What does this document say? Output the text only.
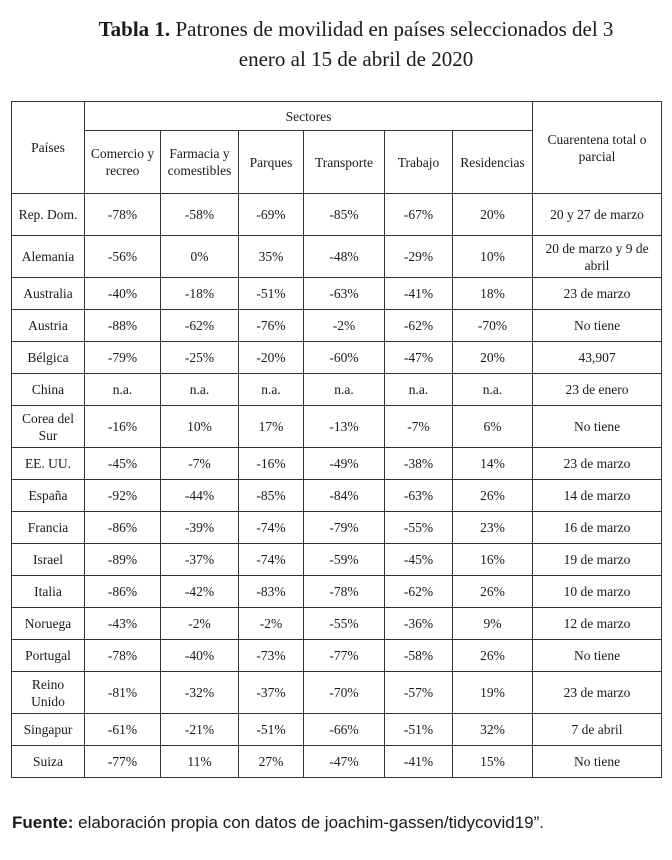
Tabla 1. Patrones de movilidad en países seleccionados del 3
enero al 15 de abril de 2020
Países	Sectores						Cuarentena total o parcial
	Comercio y recreo	Farmacia y comestibles	Parques	Transporte	Trabajo	Residencias	
Rep. Dom.	-78%	-58%	-69%	-85%	-67%	20%	20 y 27 de marzo
Alemania	-56%	0%	35%	-48%	-29%	10%	20 de marzo y 9 de abril
Australia	-40%	-18%	-51%	-63%	-41%	18%	23 de marzo
Austria	-88%	-62%	-76%	-2%	-62%	-70%	No tiene
Bélgica	-79%	-25%	-20%	-60%	-47%	20%	43,907
China	n.a.	n.a.	n.a.	n.a.	n.a.	n.a.	23 de enero
Corea del Sur	-16%	10%	17%	-13%	-7%	6%	No tiene
EE. UU.	-45%	-7%	-16%	-49%	-38%	14%	23 de marzo
España	-92%	-44%	-85%	-84%	-63%	26%	14 de marzo
Francia	-86%	-39%	-74%	-79%	-55%	23%	16 de marzo
Israel	-89%	-37%	-74%	-59%	-45%	16%	19 de marzo
Italia	-86%	-42%	-83%	-78%	-62%	26%	10 de marzo
Noruega	-43%	-2%	-2%	-55%	-36%	9%	12 de marzo
Portugal	-78%	-40%	-73%	-77%	-58%	26%	No tiene
Reino Unido	-81%	-32%	-37%	-70%	-57%	19%	23 de marzo
Singapur	-61%	-21%	-51%	-66%	-51%	32%	7 de abril
Suiza	-77%	11%	27%	-47%	-41%	15%	No tiene
Fuente: elaboración propia con datos de joachim-gassen/tidycovid19”.
